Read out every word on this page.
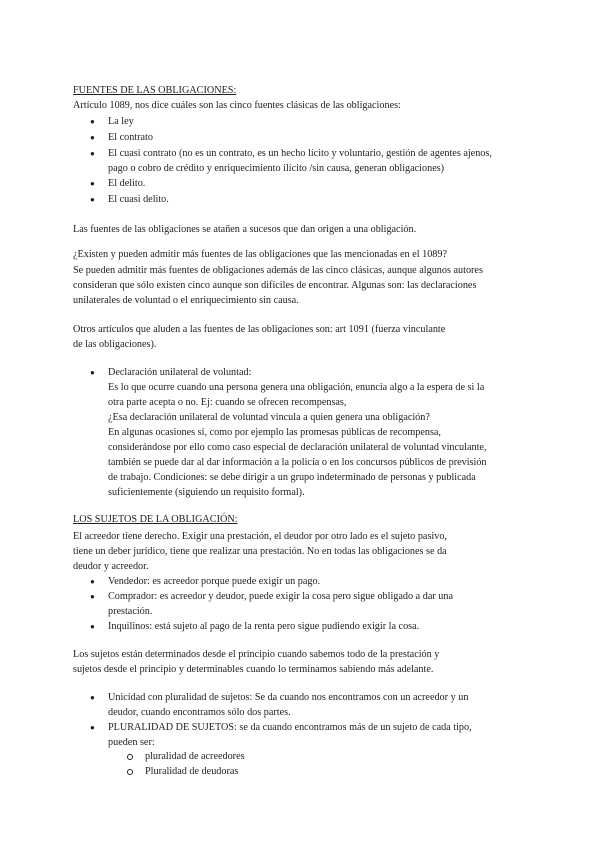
FUENTES DE LAS OBLIGACIONES:
Artículo 1089, nos dice cuáles son las cinco fuentes clásicas de las obligaciones:
● La ley
● El contrato
● El cuasi contrato (no es un contrato, es un hecho lícito y voluntario, gestión de agentes ajenos,
pago o cobro de crédito y enriquecimiento ilícito /sin causa, generan obligaciones)
● El delito.
● El cuasi delito.
Las fuentes de las obligaciones se atañen a sucesos que dan origen a una obligación.
¿Existen y pueden admitir más fuentes de las obligaciones que las mencionadas en el 1089?
Se pueden admitir más fuentes de obligaciones además de las cinco clásicas, aunque algunos autores
consideran que sólo existen cinco aunque son difíciles de encontrar. Algunas son: las declaraciones
unilaterales de voluntad o el enriquecimiento sin causa.
Otros artículos que aluden a las fuentes de las obligaciones son: art 1091 (fuerza vinculante
de las obligaciones).
● Declaración unilateral de voluntad:
Es lo que ocurre cuando una persona genera una obligación, enuncia algo a la espera de si la
otra parte acepta o no. Ej: cuando se ofrecen recompensas,
¿Esa declaración unilateral de voluntad vincula a quien genera una obligación?
En algunas ocasiones sí, como por ejemplo las promesas públicas de recompensa,
considerándose por ello como caso especial de declaración unilateral de voluntad vinculante,
también se puede dar al dar información a la policía o en los concursos públicos de previsión
de trabajo. Condiciones: se debe dirigir a un grupo indeterminado de personas y publicada
suficientemente (siguiendo un requisito formal).
LOS SUJETOS DE LA OBLIGACIÓN:
El acreedor tiene derecho. Exigir una prestación, el deudor por otro lado es el sujeto pasivo,
tiene un deber jurídico, tiene que realizar una prestación. No en todas las obligaciones se da
deudor y acreedor.
● Vendedor: es acreedor porque puede exigir un pago.
● Comprador: es acreedor y deudor, puede exigir la cosa pero sigue obligado a dar una
prestación.
● Inquilinos: está sujeto al pago de la renta pero sigue pudiendo exigir la cosa.
Los sujetos están determinados desde el principio cuando sabemos todo de la prestación y
sujetos desde el principio y determinables cuando lo terminamos sabiendo más adelante.
● Unicidad con pluralidad de sujetos: Se da cuando nos encontramos con un acreedor y un
deudor, cuando encontramos sólo dos partes.
● PLURALIDAD DE SUJETOS: se da cuando encontramos más de un sujeto de cada tipo,
pueden ser:
pluralidad de acreedores
Pluralidad de deudoras
